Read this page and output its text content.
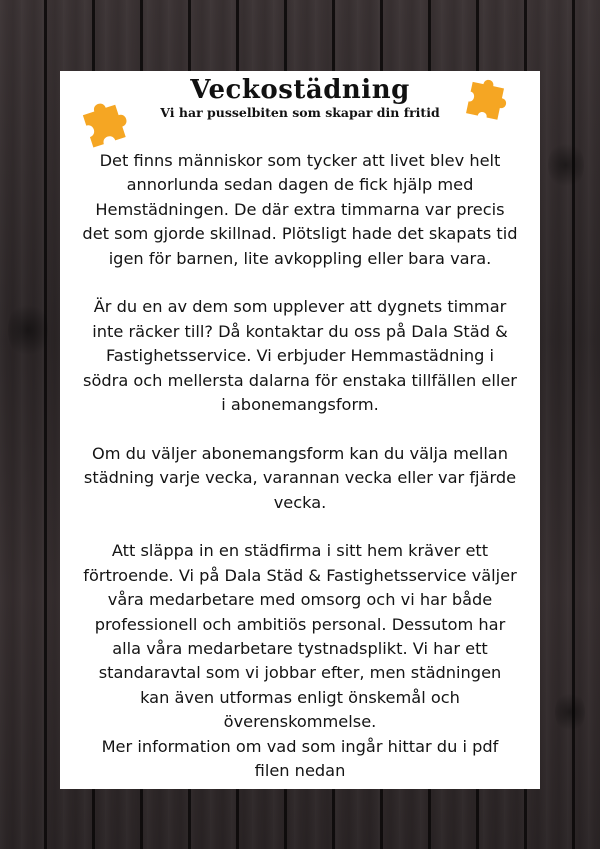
Veckostädning
Vi har pusselbiten som skapar din fritid

Det finns människor som tycker att livet blev helt annorlunda sedan dagen de fick hjälp med Hemstädningen. De där extra timmarna var precis det som gjorde skillnad. Plötsligt hade det skapats tid igen för barnen, lite avkoppling eller bara vara.

Är du en av dem som upplever att dygnets timmar inte räcker till? Då kontaktar du oss på Dala Städ & Fastighetsservice. Vi erbjuder Hemmastädning i södra och mellersta dalarna för enstaka tillfällen eller i abonemangsform.

Om du väljer abonemangsform kan du välja mellan städning varje vecka, varannan vecka eller var fjärde vecka.

Att släppa in en städfirma i sitt hem kräver ett förtroende. Vi på Dala Städ & Fastighetsservice väljer våra medarbetare med omsorg och vi har både professionell och ambitiös personal. Dessutom har alla våra medarbetare tystnadsplikt. Vi har ett standaravtal som vi jobbar efter, men städningen kan även utformas enligt önskemål och överenskommelse.

Mer information om vad som ingår hittar du i pdf filen nedan
